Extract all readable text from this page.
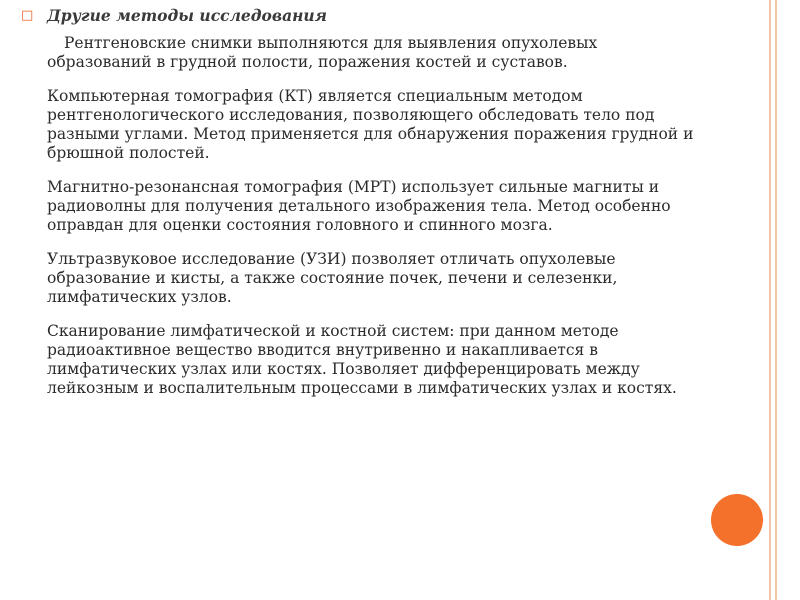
□ Другие методы исследования

Рентгеновские снимки выполняются для выявления опухолевых
образований в грудной полости, поражения костей и суставов.

Компьютерная томография (КТ) является специальным методом
рентгенологического исследования, позволяющего обследовать тело под
разными углами. Метод применяется для обнаружения поражения грудной и
брюшной полостей.

Магнитно-резонансная томография (МРТ) использует сильные магниты и
радиоволны для получения детального изображения тела. Метод особенно
оправдан для оценки состояния головного и спинного мозга.

Ультразвуковое исследование (УЗИ) позволяет отличать опухолевые
образование и кисты, а также состояние почек, печени и селезенки,
лимфатических узлов.

Сканирование лимфатической и костной систем: при данном методе
радиоактивное вещество вводится внутривенно и накапливается в
лимфатических узлах или костях. Позволяет дифференцировать между
лейкозным и воспалительным процессами в лимфатических узлах и костях.
